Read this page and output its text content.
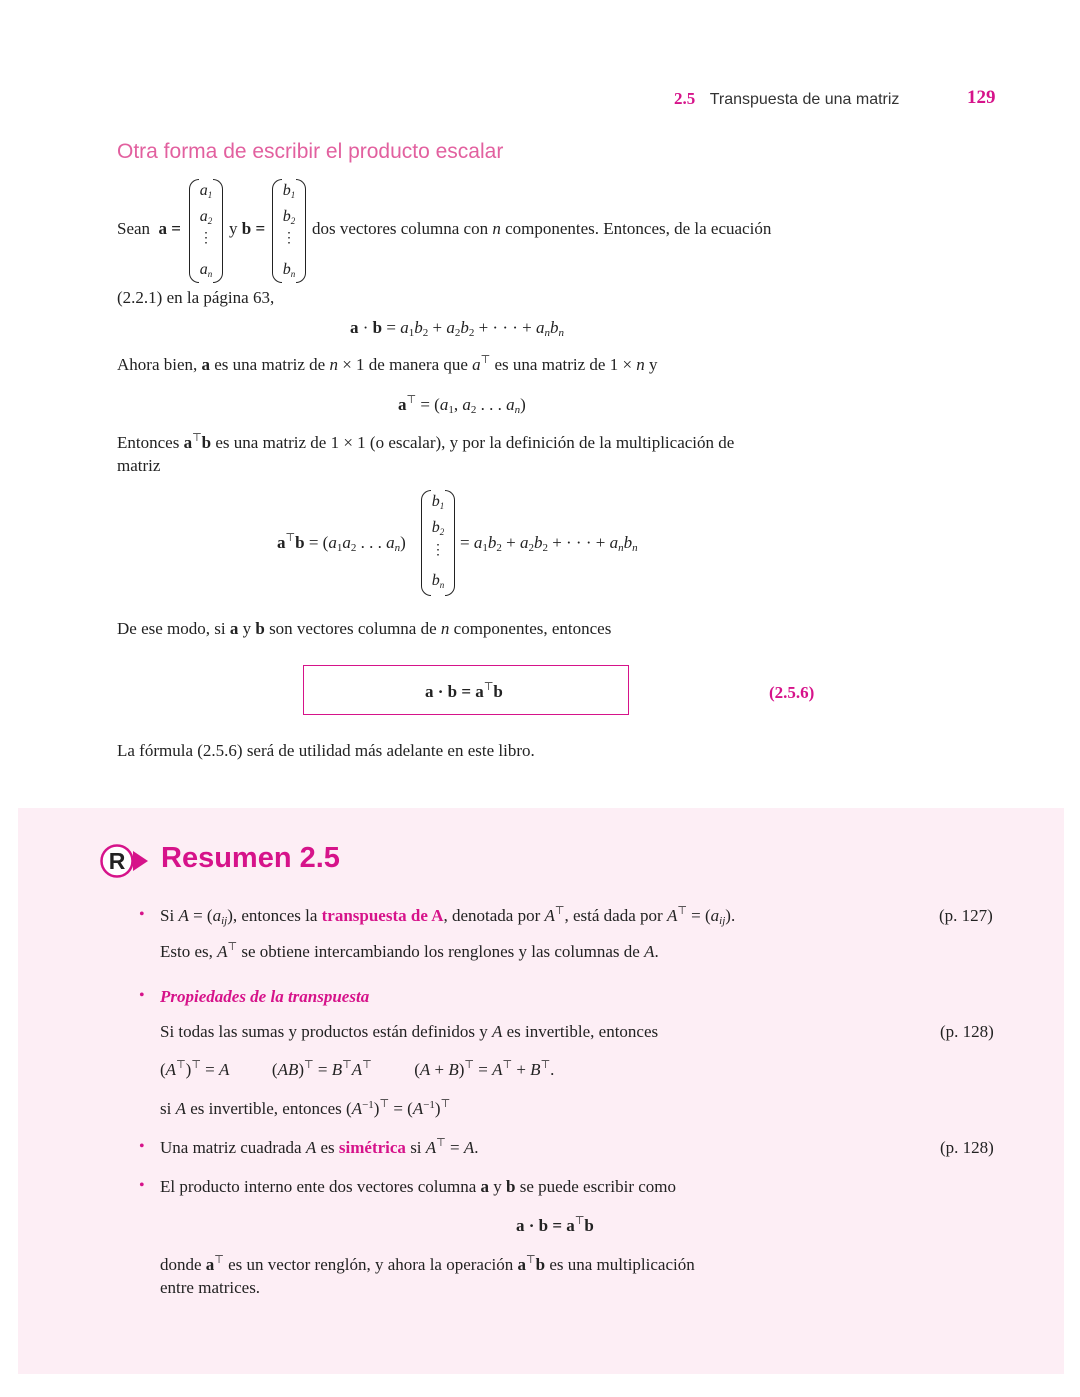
2.5 Transpuesta de una matriz	129
Otra forma de escribir el producto escalar
Sean a =
$a_1$
$a_2$
⋮
$a_n$
y b =
$b_1$
$b_2$
⋮
$b_n$
dos vectores columna con n componentes. Entonces, de la ecuación
(2.2.1) en la página 63,
$a \cdot b = a_1b_2 + a_2b_2$ + · · · + $a_nb_n$
Ahora bien, a es una matriz de n × 1 de manera que a⊤ es una matriz de 1 × n y
$a^⊤ = (a_1$, $a_2$ . . . $a_n$)
Entonces a⊤b es una matriz de 1 × 1 (o escalar), y por la definición de la multiplicación de
matriz
$a^⊤b = (a_1a_2$ . . . $a_n$)
$b_1$
$b_2$
⋮
$b_n$
= $a_1b_2 + a_2b_2$ + · · · + $a_nb_n$
De ese modo, si a y b son vectores columna de n componentes, entonces
a · b = a⊤b	(2.5.6)
La fórmula (2.5.6) será de utilidad más adelante en este libro.
R Resumen 2.5
• Si $A = (a_{ij})$, entonces la transpuesta de A, denotada por A⊤, está dada por $A^⊤ = (a_{ij})$.	(p. 127)
Esto es, A⊤ se obtiene intercambiando los renglones y las columnas de A.
• Propiedades de la transpuesta
Si todas las sumas y productos están definidos y A es invertible, entonces	(p. 128)
(A⊤)⊤ = A  (AB)⊤ = B⊤A⊤  (A + B)⊤ = A⊤ + B⊤.
si A es invertible, entonces $(A^{-1})^⊤ = (A^{-1})^⊤$
• Una matriz cuadrada A es simétrica si A⊤ = A.	(p. 128)
• El producto interno ente dos vectores columna a y b se puede escribir como
a · b = a⊤b
donde a⊤ es un vector renglón, y ahora la operación a⊤b es una multiplicación
entre matrices.
